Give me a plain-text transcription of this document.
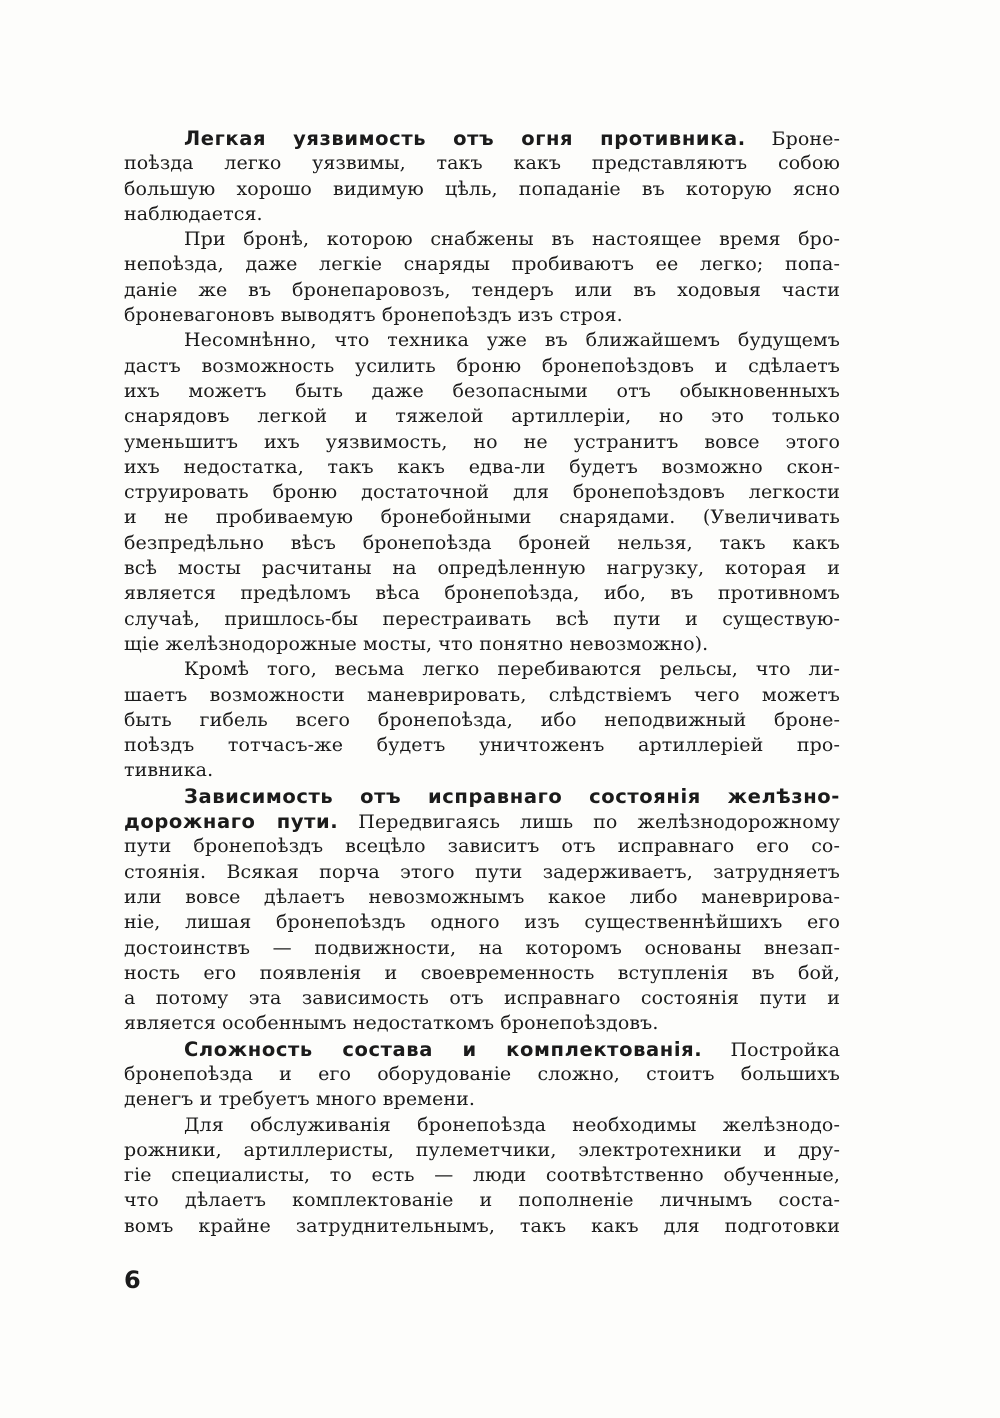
Легкая уязвимость отъ огня противника. Броне-
поѣзда легко уязвимы, такъ какъ представляютъ собою
большую хорошо видимую цѣль, попаданіе въ которую ясно
наблюдается.
При бронѣ, которою снабжены въ настоящее время бро-
непоѣзда, даже легкіе снаряды пробиваютъ ее легко; попа-
даніе же въ бронепаровозъ, тендеръ или въ ходовыя части
броневагоновъ выводятъ бронепоѣздъ изъ строя.
Несомнѣнно, что техника уже въ ближайшемъ будущемъ
дастъ возможность усилить броню бронепоѣздовъ и сдѣлаетъ
ихъ можетъ быть даже безопасными отъ обыкновенныхъ
снарядовъ легкой и тяжелой артиллеріи, но это только
уменьшитъ ихъ уязвимость, но не устранитъ вовсе этого
ихъ недостатка, такъ какъ едва-ли будетъ возможно скон-
струировать броню достаточной для бронепоѣздовъ легкости
и не пробиваемую бронебойными снарядами. (Увеличивать
безпредѣльно вѣсъ бронепоѣзда броней нельзя, такъ какъ
всѣ мосты расчитаны на опредѣленную нагрузку, которая и
является предѣломъ вѣса бронепоѣзда, ибо, въ противномъ
случаѣ, пришлось-бы перестраивать всѣ пути и существую-
щіе желѣзнодорожные мосты, что понятно невозможно).
Кромѣ того, весьма легко перебиваются рельсы, что ли-
шаетъ возможности маневрировать, слѣдствіемъ чего можетъ
быть гибель всего бронепоѣзда, ибо неподвижный броне-
поѣздъ тотчасъ-же будетъ уничтоженъ артиллеріей про-
тивника.
Зависимость отъ исправнаго состоянія желѣзно-
дорожнаго пути. Передвигаясь лишь по желѣзнодорожному
пути бронепоѣздъ всецѣло зависитъ отъ исправнаго его со-
стоянія. Всякая порча этого пути задерживаетъ, затрудняетъ
или вовсе дѣлаетъ невозможнымъ какое либо маневрирова-
ніе, лишая бронепоѣздъ одного изъ существеннѣйшихъ его
достоинствъ — подвижности, на которомъ основаны внезап-
ность его появленія и своевременность вступленія въ бой,
а потому эта зависимость отъ исправнаго состоянія пути и
является особеннымъ недостаткомъ бронепоѣздовъ.
Сложность состава и комплектованія. Постройка
бронепоѣзда и его оборудованіе сложно, стоитъ большихъ
денегъ и требуетъ много времени.
Для обслуживанія бронепоѣзда необходимы желѣзнодо-
рожники, артиллеристы, пулеметчики, электротехники и дру-
гіе специалисты, то есть — люди соотвѣтственно обученные,
что дѣлаетъ комплектованіе и пополненіе личнымъ соста-
вомъ крайне затруднительнымъ, такъ какъ для подготовки
6
